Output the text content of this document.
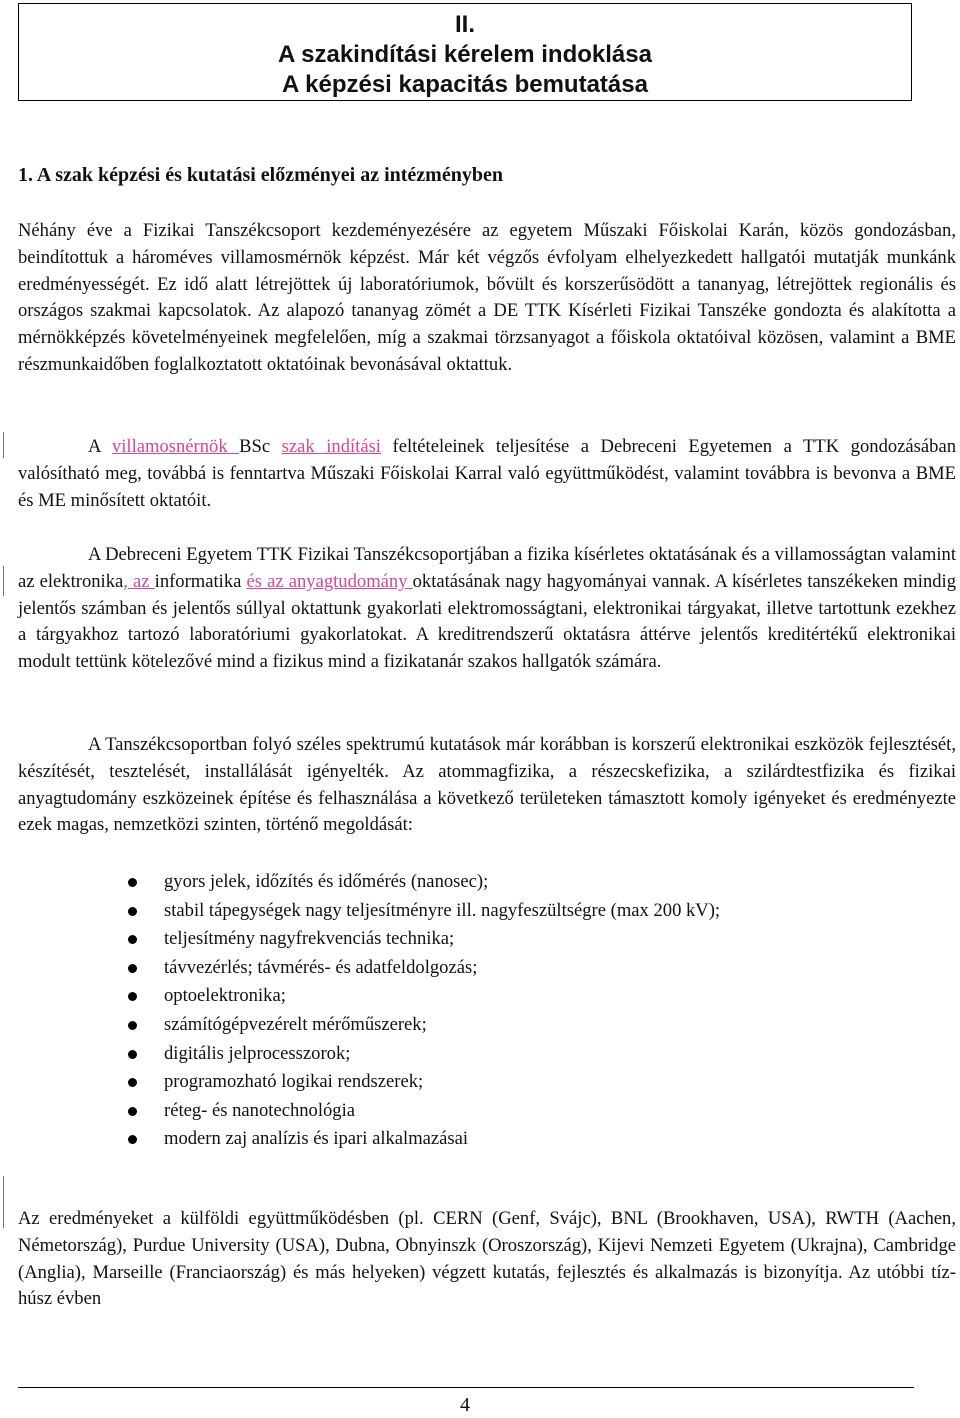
II.
A szakindítási kérelem indoklása
A képzési kapacitás bemutatása
1. A szak képzési és kutatási előzményei az intézményben

Néhány éve a Fizikai Tanszékcsoport kezdeményezésére az egyetem Műszaki Főiskolai Karán, közös gondozásban, beindítottuk a hároméves villamosmérnök képzést. Már két végzős évfolyam elhelyezkedett hallgatói mutatják munkánk eredményességét. Ez idő alatt létrejöttek új laboratóriumok, bővült és korszerűsödött a tananyag, létrejöttek regionális és országos szakmai kapcsolatok. Az alapozó tananyag zömét a DE TTK Kísérleti Fizikai Tanszéke gondozta és alakította a mérnökképzés követelményeinek megfelelően, míg a szakmai törzsanyagot a főiskola oktatóival közösen, valamint a BME részmunkaidőben foglalkoztatott oktatóinak bevonásával oktattuk.

A villamosnérnök BSc szak indítási feltételeinek teljesítése a Debreceni Egyetemen a TTK gondozásában valósítható meg, továbbá is fenntartva Műszaki Főiskolai Karral való együttműködést, valamint továbbra is bevonva a BME és ME minősített oktatóit.

A Debreceni Egyetem TTK Fizikai Tanszékcsoportjában a fizika kísérletes oktatásának és a villamosságtan valamint az elektronika, az informatika és az anyagtudomány oktatásának nagy hagyományai vannak. A kísérletes tanszékeken mindig jelentős számban és jelentős súllyal oktattunk gyakorlati elektromosságtani, elektronikai tárgyakat, illetve tartottunk ezekhez a tárgyakhoz tartozó laboratóriumi gyakorlatokat. A kreditrendszerű oktatásra áttérve jelentős kreditértékű elektronikai modult tettünk kötelezővé mind a fizikus mind a fizikatanár szakos hallgatók számára.

A Tanszékcsoportban folyó széles spektrumú kutatások már korábban is korszerű elektronikai eszközök fejlesztését, készítését, tesztelését, installálását igényelték. Az atommagfizika, a részecskefizika, a szilárdtestfizika és fizikai anyagtudomány eszközeinek építése és felhasználása a következő területeken támasztott komoly igényeket és eredményezte ezek magas, nemzetközi szinten, történő megoldását:

gyors jelek, időzítés és időmérés (nanosec);
stabil tápegységek nagy teljesítményre ill. nagyfeszültségre (max 200 kV);
teljesítmény nagyfrekvenciás technika;
távvezérlés; távmérés- és adatfeldolgozás;
optoelektronika;
számítógépvezérelt mérőműszerek;
digitális jelprocesszorok;
programozható logikai rendszerek;
réteg- és nanotechnológia
modern zaj analízis és ipari alkalmazásai

Az eredményeket a külföldi együttműködésben (pl. CERN (Genf, Svájc), BNL (Brookhaven, USA), RWTH (Aachen, Németország), Purdue University (USA), Dubna, Obnyinszk (Oroszország), Kijevi Nemzeti Egyetem (Ukrajna), Cambridge (Anglia), Marseille (Franciaország) és más helyeken) végzett kutatás, fejlesztés és alkalmazás is bizonyítja. Az utóbbi tíz-húsz évben

4
